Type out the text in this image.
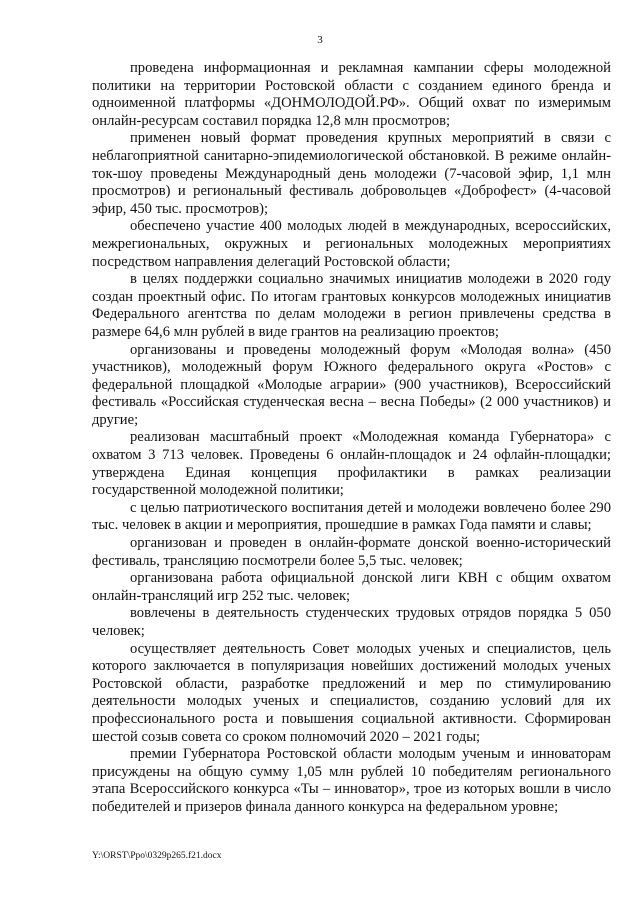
3

проведена информационная и рекламная кампании сферы молодежной политики на территории Ростовской области с созданием единого бренда и одноименной платформы «ДОНМОЛОДОЙ.РФ». Общий охват по измеримым онлайн-ресурсам составил порядка 12,8 млн просмотров;

применен новый формат проведения крупных мероприятий в связи с неблагоприятной санитарно-эпидемиологической обстановкой. В режиме онлайн-ток-шоу проведены Международный день молодежи (7-часовой эфир, 1,1 млн просмотров) и региональный фестиваль добровольцев «Доброфест» (4-часовой эфир, 450 тыс. просмотров);

обеспечено участие 400 молодых людей в международных, всероссийских, межрегиональных, окружных и региональных молодежных мероприятиях посредством направления делегаций Ростовской области;

в целях поддержки социально значимых инициатив молодежи в 2020 году создан проектный офис. По итогам грантовых конкурсов молодежных инициатив Федерального агентства по делам молодежи в регион привлечены средства в размере 64,6 млн рублей в виде грантов на реализацию проектов;

организованы и проведены молодежный форум «Молодая волна» (450 участников), молодежный форум Южного федерального округа «Ростов» с федеральной площадкой «Молодые аграрии» (900 участников), Всероссийский фестиваль «Российская студенческая весна – весна Победы» (2 000 участников) и другие;

реализован масштабный проект «Молодежная команда Губернатора» с охватом 3 713 человек. Проведены 6 онлайн-площадок и 24 офлайн-площадки; утверждена Единая концепция профилактики в рамках реализации государственной молодежной политики;

с целью патриотического воспитания детей и молодежи вовлечено более 290 тыс. человек в акции и мероприятия, прошедшие в рамках Года памяти и славы;

организован и проведен в онлайн-формате донской военно-исторический фестиваль, трансляцию посмотрели более 5,5 тыс. человек;

организована работа официальной донской лиги КВН с общим охватом онлайн-трансляций игр 252 тыс. человек;

вовлечены в деятельность студенческих трудовых отрядов порядка 5 050 человек;

осуществляет деятельность Совет молодых ученых и специалистов, цель которого заключается в популяризация новейших достижений молодых ученых Ростовской области, разработке предложений и мер по стимулированию деятельности молодых ученых и специалистов, созданию условий для их профессионального роста и повышения социальной активности. Сформирован шестой созыв совета со сроком полномочий 2020 – 2021 годы;

премии Губернатора Ростовской области молодым ученым и инноваторам присуждены на общую сумму 1,05 млн рублей 10 победителям регионального этапа Всероссийского конкурса «Ты – инноватор», трое из которых вошли в число победителей и призеров финала данного конкурса на федеральном уровне;

Y:\ORST\Ppo\0329p265.f21.docx
